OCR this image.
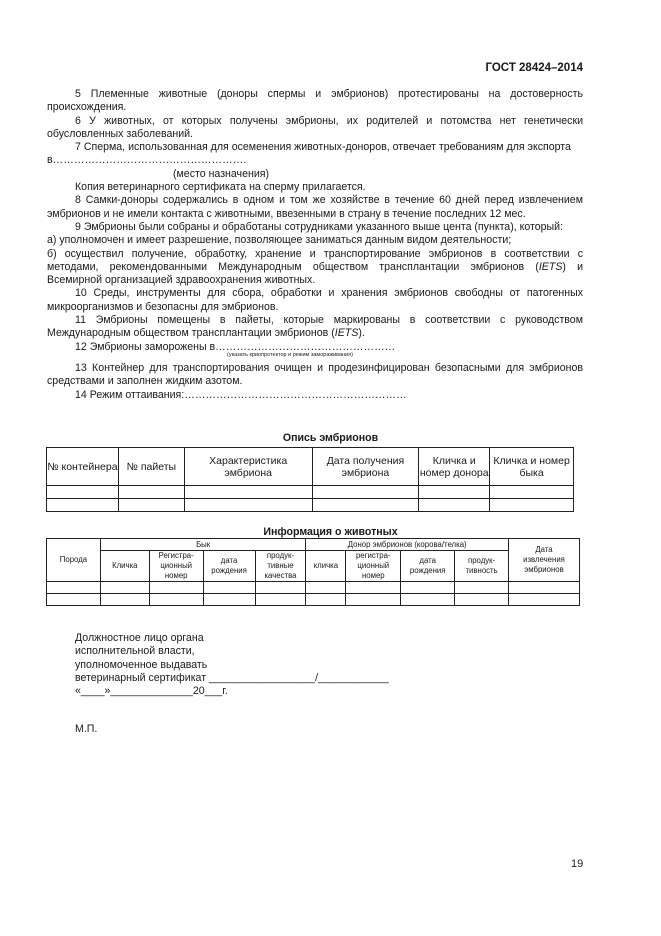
ГОСТ 28424–2014

5 Племенные животные (доноры спермы и эмбрионов) протестированы на достоверность происхождения.

6 У животных, от которых получены эмбрионы, их родителей и потомства нет генетически обусловленных заболеваний.

7 Сперма, использованная для осеменения животных-доноров, отвечает требованиям для экспорта в……………………………………………….

(место назначения)

Копия ветеринарного сертификата на сперму прилагается.

8 Самки-доноры содержались в одном и том же хозяйстве в течение 60 дней перед извлечением эмбрионов и не имели контакта с животными, ввезенными в страну в течение последних 12 мес.

9 Эмбрионы были собраны и обработаны сотрудниками указанного выше цента (пункта), который:

а) уполномочен и имеет разрешение, позволяющее заниматься данным видом деятельности;

б) осуществил получение, обработку, хранение и транспортирование эмбрионов в соответствии с методами, рекомендованными Международным обществом трансплантации эмбрионов (IETS) и Всемирной организацией здравоохранения животных.

10 Среды, инструменты для сбора, обработки и хранения эмбрионов свободны от патогенных микроорганизмов и безопасны для эмбрионов.

11 Эмбрионы помещены в пайеты, которые маркированы в соответствии с руководством Международным обществом трансплантации эмбрионов (IETS).

12 Эмбрионы заморожены в……………………………………………

(указать криопротектор и режим замораживания)

13 Контейнер для транспортирования очищен и продезинфицирован безопасными для эмбрионов средствами и заполнен жидким азотом.

14 Режим оттаивания:………………………………………………………

Опись эмбрионов
№ контейнера	№ пайеты	Характеристика эмбриона	Дата получения эмбриона	Кличка и номер донора	Кличка и номер быка

Информация о животных
Порода	Бык				Донор эмбрионов (корова/телка)				Дата извлечения эмбрионов
	Кличка	Регистра- ционный номер	дата рождения	продук- тивные качества	кличка	регистра- ционный номер	дата рождения	продук- тивность	

Должностное лицо органа
исполнительной власти,
уполномоченное выдавать
ветеринарный сертификат __________________/____________
«____»______________20___г.
М.П.
19
